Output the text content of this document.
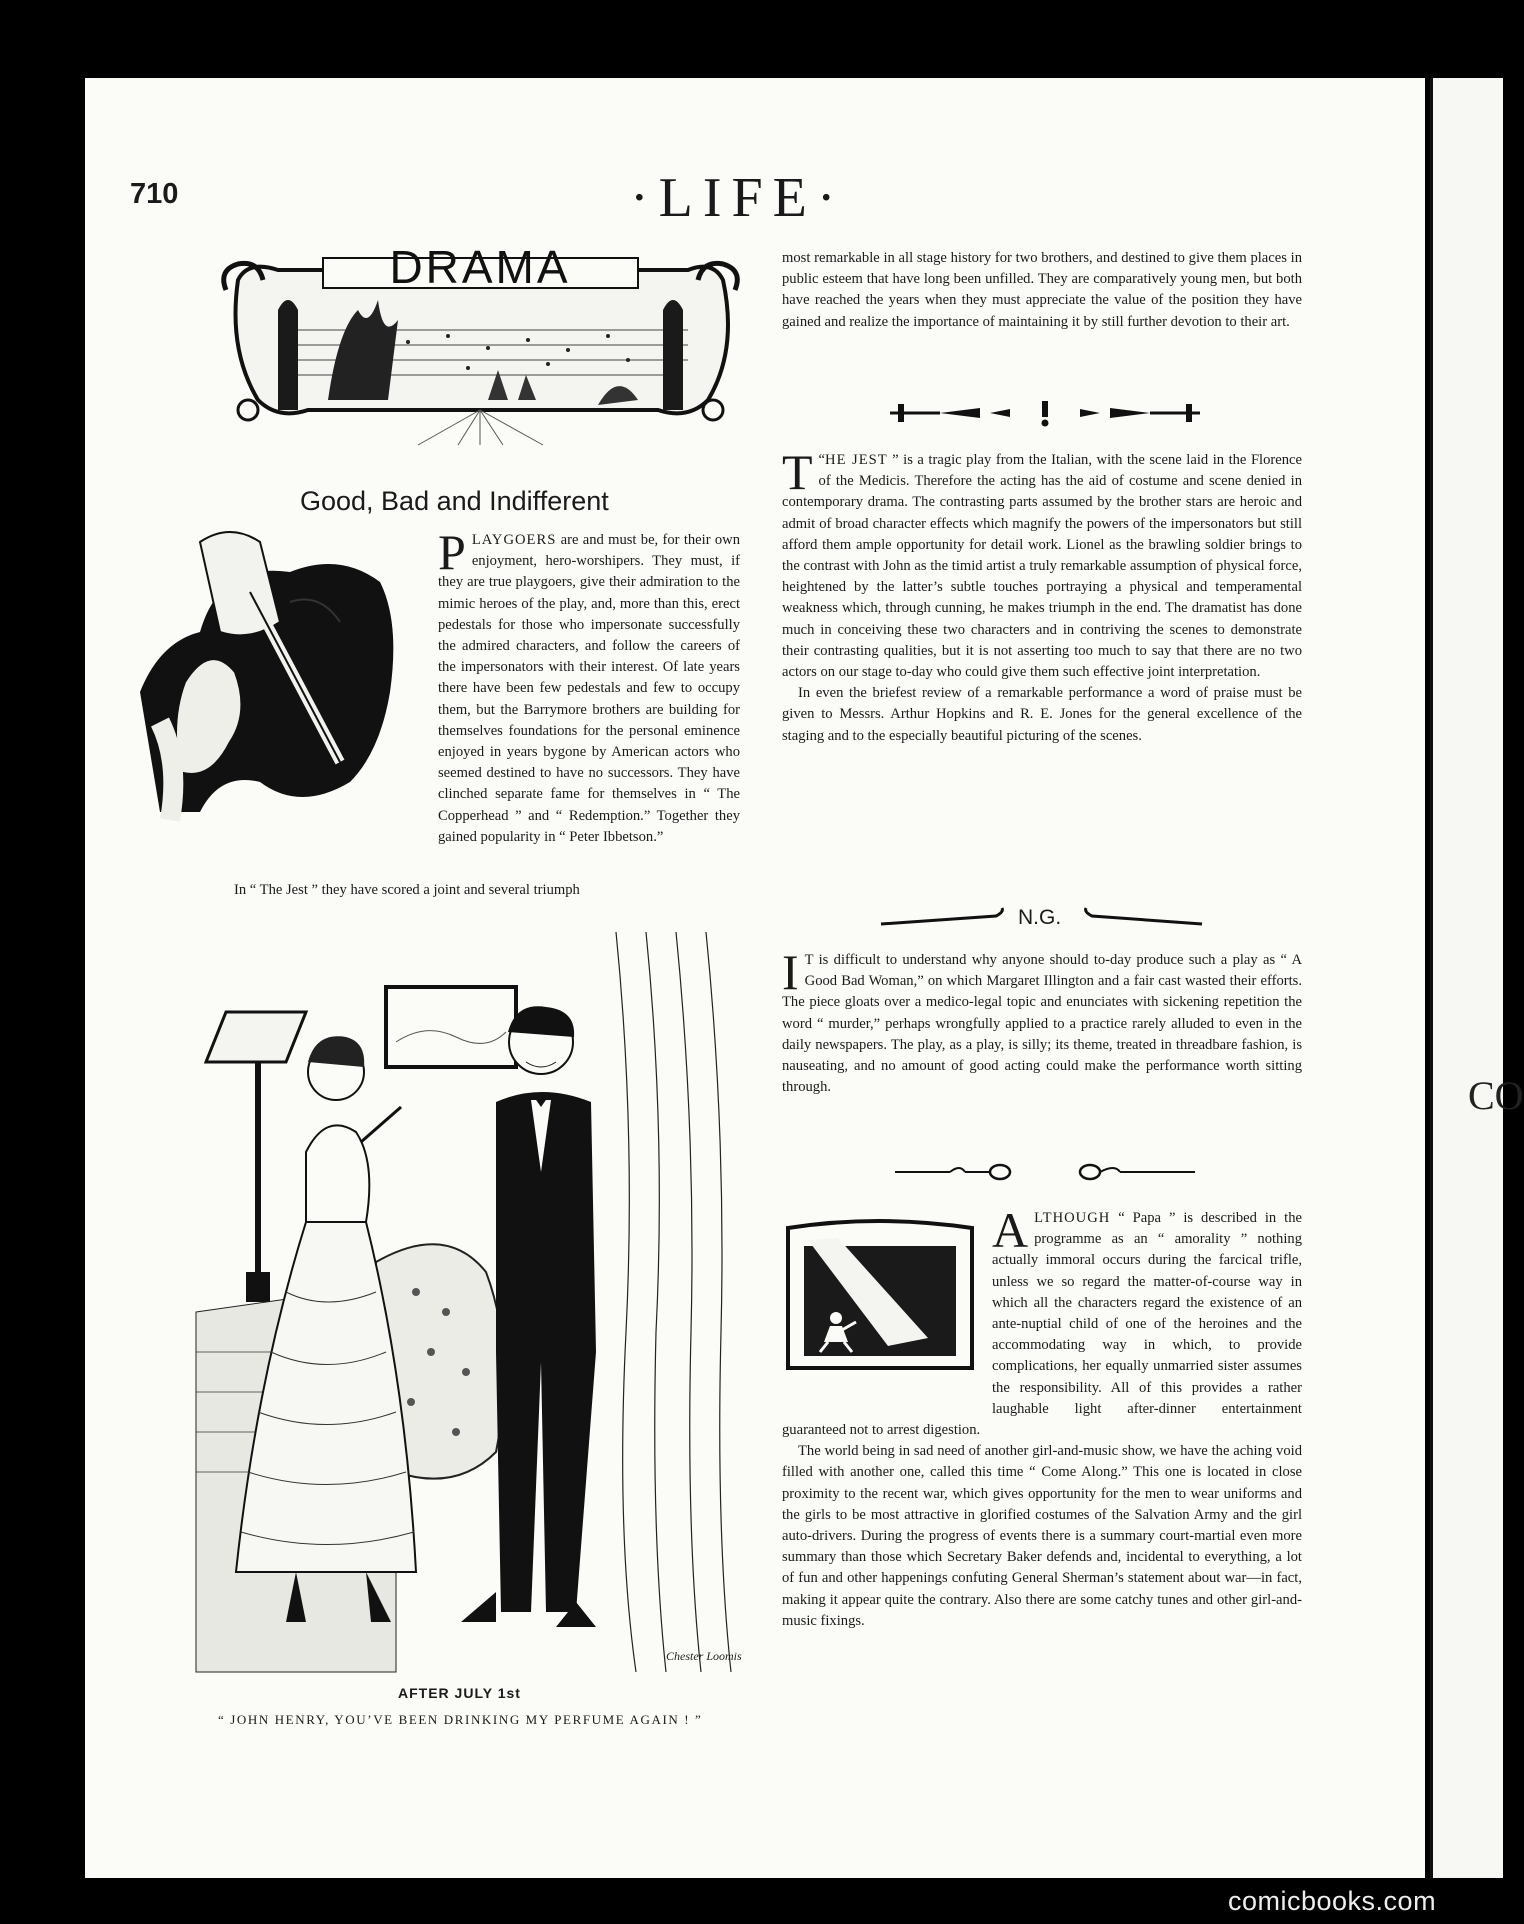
CO
710	·LIFE·
DRAMA
Good, Bad and Indifferent

PLAYGOERS are and must be, for their own enjoyment, hero-worshipers. They must, if they are true playgoers, give their admiration to the mimic heroes of the play, and, more than this, erect pedestals for those who impersonate successfully the admired characters, and follow the careers of the impersonators with their interest. Of late years there have been few pedestals and few to occupy them, but the Barrymore brothers are building for themselves foundations for the personal eminence enjoyed in years bygone by American actors who seemed destined to have no successors. They have clinched separate fame for themselves in “ The Copperhead ” and “ Redemption.” Together they gained popularity in “ Peter Ibbetson.”

In “ The Jest ” they have scored a joint and several triumph

Chester Loomis
AFTER JULY 1st
“ JOHN HENRY, YOU’VE BEEN DRINKING MY PERFUME AGAIN ! ”

most remarkable in all stage history for two brothers, and destined to give them places in public esteem that have long been unfilled. They are comparatively young men, but both have reached the years when they must appreciate the value of the position they have gained and realize the importance of maintaining it by still further devotion to their art.

“
T HE JEST ” is a tragic play from the Italian, with the scene laid in the Florence of the Medicis. Therefore the acting has the aid of costume and scene denied in contemporary drama. The contrasting parts assumed by the brother stars are heroic and admit of broad character effects which magnify the powers of the impersonators but still afford them ample opportunity for detail work. Lionel as the brawling soldier brings to the contrast with John as the timid artist a truly remarkable assumption of physical force, heightened by the latter’s subtle touches portraying a physical and temperamental weakness which, through cunning, he makes triumph in the end. The dramatist has done much in conceiving these two characters and in contriving the scenes to demonstrate their contrasting qualities, but it is not asserting too much to say that there are no two actors on our stage to-day who could give them such effective joint interpretation.

In even the briefest review of a remarkable performance a word of praise must be given to Messrs. Arthur Hopkins and R. E. Jones for the general excellence of the staging and to the especially beautiful picturing of the scenes.

N.G.

I T is difficult to understand why anyone should to-day produce such a play as “ A Good Bad Woman,” on which Margaret Illington and a fair cast wasted their efforts. The piece gloats over a medico-legal topic and enunciates with sickening repetition the word “ murder,” perhaps wrongfully applied to a practice rarely alluded to even in the daily newspapers. The play, as a play, is silly; its theme, treated in threadbare fashion, is nauseating, and no amount of good acting could make the performance worth sitting through.

ALTHOUGH “ Papa ” is described in the programme as an “ amorality ” nothing actually immoral occurs during the farcical trifle, unless we so regard the matter-of-course way in which all the characters regard the existence of an ante-nuptial child of one of the heroines and the accommodating way in which, to provide complications, her equally unmarried sister assumes the responsibility. All of this provides a rather laughable light after-dinner entertainment guaranteed not to arrest digestion.

The world being in sad need of another girl-and-music show, we have the aching void filled with another one, called this time “ Come Along.” This one is located in close proximity to the recent war, which gives opportunity for the men to wear uniforms and the girls to be most attractive in glorified costumes of the Salvation Army and the girl auto-drivers. During the progress of events there is a summary court-martial even more summary than those which Secretary Baker defends and, incidental to everything, a lot of fun and other happenings confuting General Sherman’s statement about war—in fact, making it appear quite the contrary. Also there are some catchy tunes and other girl-and-music fixings.

comicbooks.com
